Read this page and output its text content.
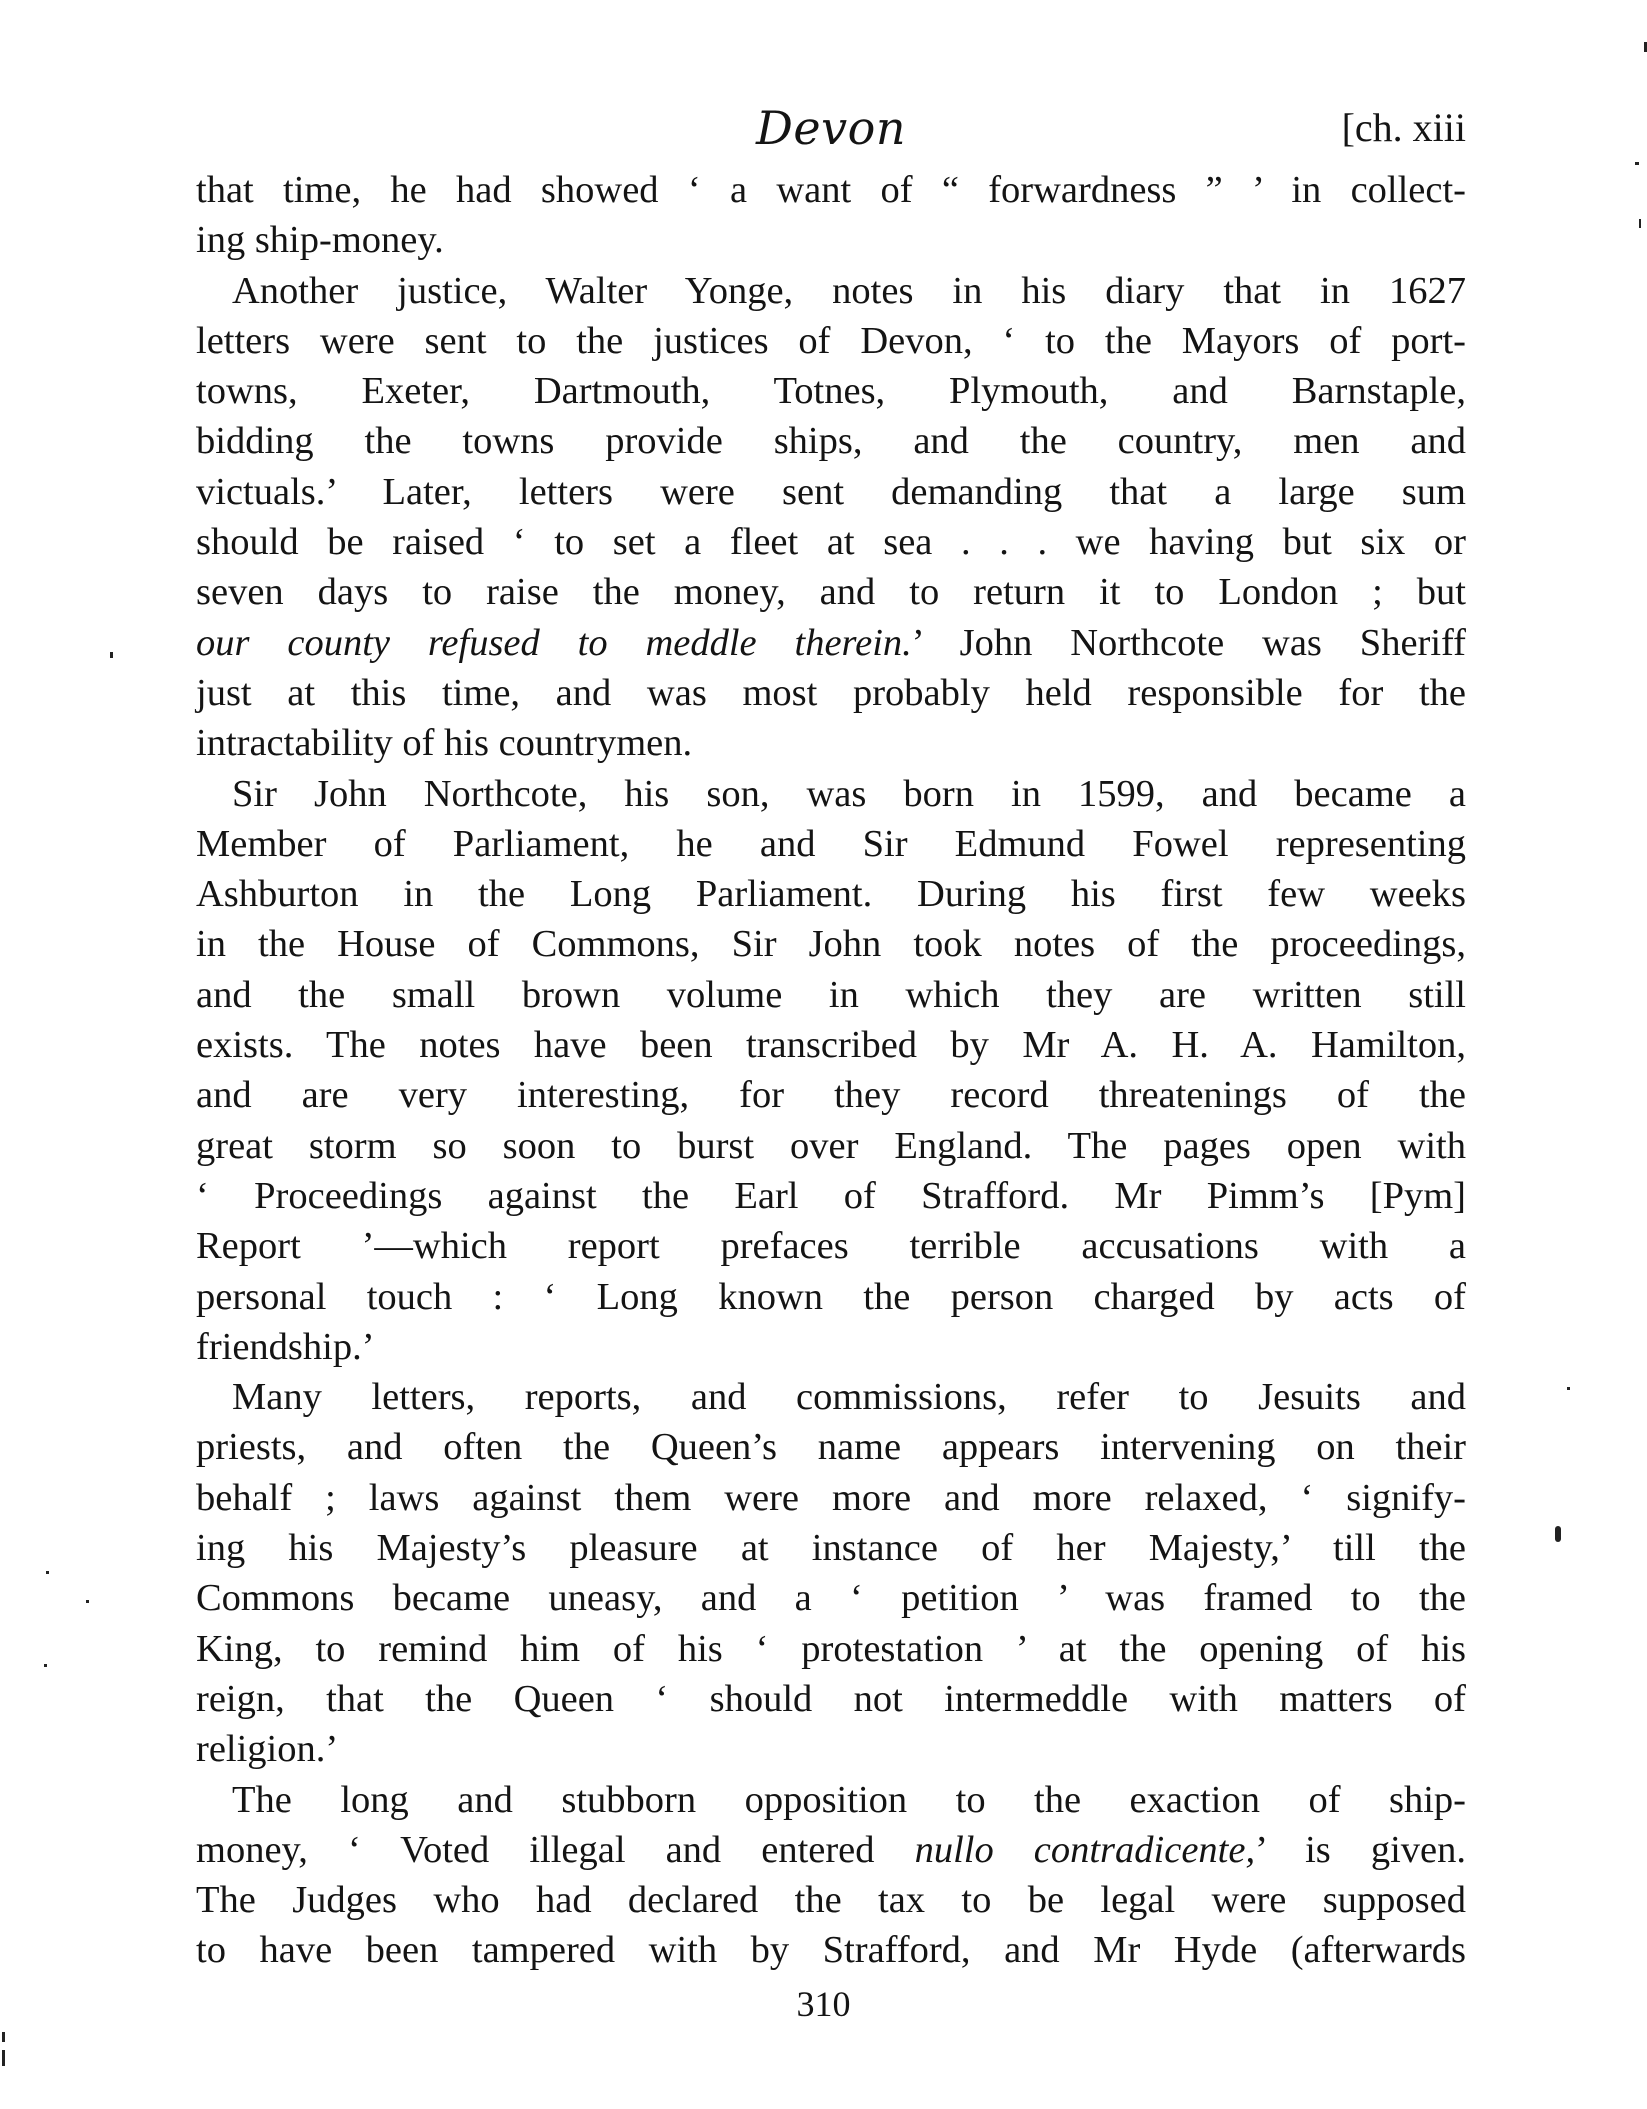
Devon	[ch. xiii
that time, he had showed ‘ a want of “ forwardness ” ’ in collect-
ing ship-money.
Another justice, Walter Yonge, notes in his diary that in 1627
letters were sent to the justices of Devon, ‘ to the Mayors of port-
towns, Exeter, Dartmouth, Totnes, Plymouth, and Barnstaple,
bidding the towns provide ships, and the country, men and
victuals.’ Later, letters were sent demanding that a large sum
should be raised ‘ to set a fleet at sea . . . we having but six or
seven days to raise the money, and to return it to London ; but
our county refused to meddle therein.’ John Northcote was Sheriff
just at this time, and was most probably held responsible for the
intractability of his countrymen.
Sir John Northcote, his son, was born in 1599, and became a
Member of Parliament, he and Sir Edmund Fowel representing
Ashburton in the Long Parliament. During his first few weeks
in the House of Commons, Sir John took notes of the proceedings,
and the small brown volume in which they are written still
exists. The notes have been transcribed by Mr A. H. A. Hamilton,
and are very interesting, for they record threatenings of the
great storm so soon to burst over England. The pages open with
‘ Proceedings against the Earl of Strafford. Mr Pimm’s [Pym]
Report ’—which report prefaces terrible accusations with a
personal touch : ‘ Long known the person charged by acts of
friendship.’
Many letters, reports, and commissions, refer to Jesuits and
priests, and often the Queen’s name appears intervening on their
behalf ; laws against them were more and more relaxed, ‘ signify-
ing his Majesty’s pleasure at instance of her Majesty,’ till the
Commons became uneasy, and a ‘ petition ’ was framed to the
King, to remind him of his ‘ protestation ’ at the opening of his
reign, that the Queen ‘ should not intermeddle with matters of
religion.’
The long and stubborn opposition to the exaction of ship-
money, ‘ Voted illegal and entered nullo contradicente,’ is given.
The Judges who had declared the tax to be legal were supposed
to have been tampered with by Strafford, and Mr Hyde (afterwards
310
